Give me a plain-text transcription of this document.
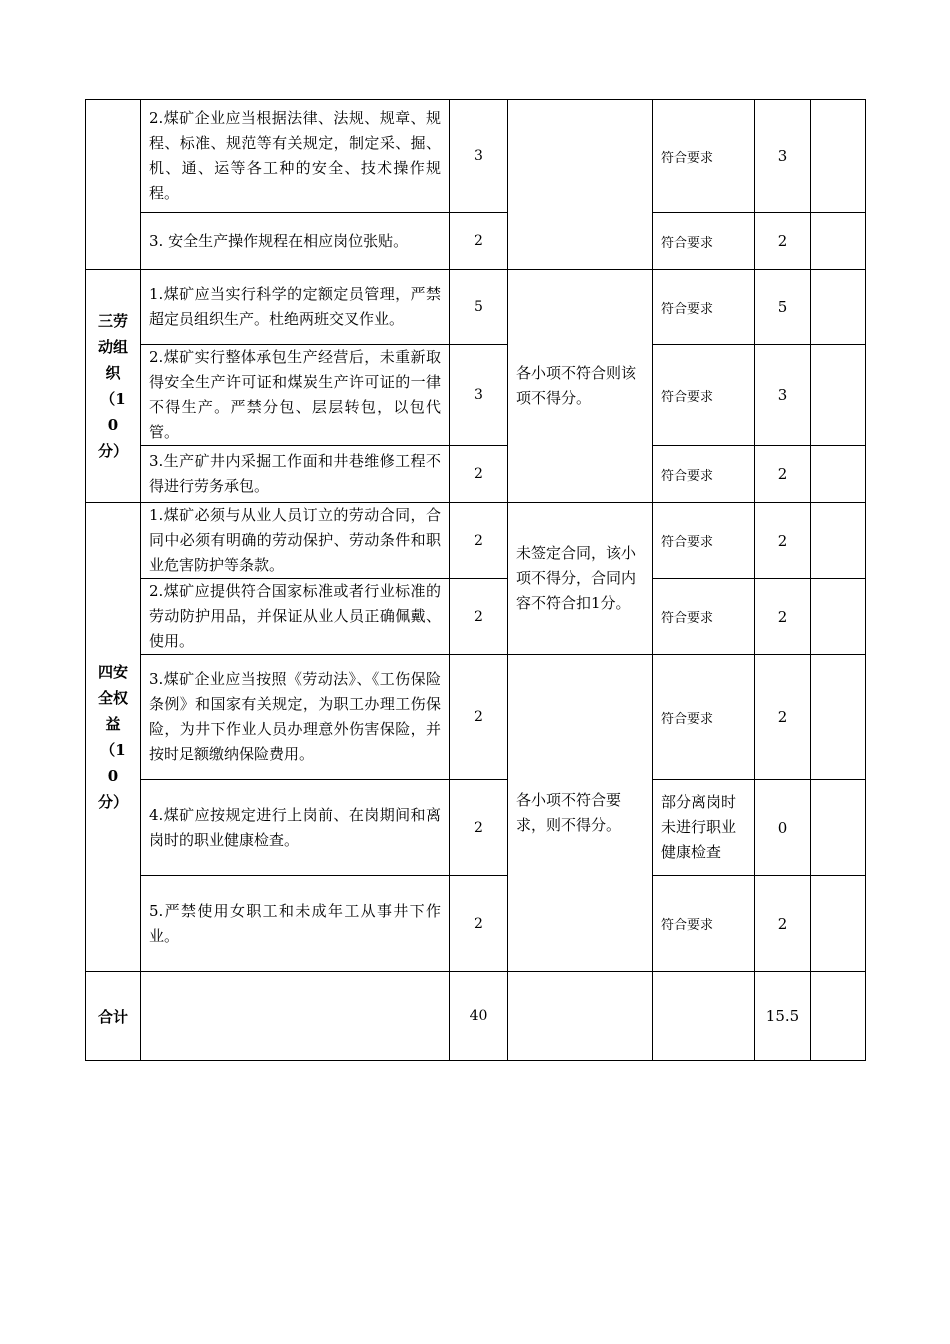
	2.煤矿企业应当根据法律、法规、规章、规程、标准、规范等有关规定，制定采、掘、机、通、运等各工种的安全、技术操作规程。	3		符合要求	3	
	3. 安全生产操作规程在相应岗位张贴。	2		符合要求	2	

三劳动组织（10分）	1.煤矿应当实行科学的定额定员管理，严禁超定员组织生产。杜绝两班交叉作业。	5	各小项不符合则该项不得分。	符合要求	5	
	2.煤矿实行整体承包生产经营后，未重新取得安全生产许可证和煤炭生产许可证的一律不得生产。严禁分包、层层转包，以包代管。	3		符合要求	3	
	3.生产矿井内采掘工作面和井巷维修工程不得进行劳务承包。	2		符合要求	2	

四安全权益（10分）	1.煤矿必须与从业人员订立的劳动合同，合同中必须有明确的劳动保护、劳动条件和职业危害防护等条款。	2	未签定合同，该小项不得分，合同内容不符合扣1分。	符合要求	2	
	2.煤矿应提供符合国家标准或者行业标准的劳动防护用品，并保证从业人员正确佩戴、使用。	2		符合要求	2	
	3.煤矿企业应当按照《劳动法》、《工伤保险条例》和国家有关规定，为职工办理工伤保险，为井下作业人员办理意外伤害保险，并按时足额缴纳保险费用。	2	各小项不符合要求，则不得分。	符合要求	2	
	4.煤矿应按规定进行上岗前、在岗期间和离岗时的职业健康检查。	2		部分离岗时未进行职业健康检查	0	
	5.严禁使用女职工和未成年工从事井下作业。	2		符合要求	2	
合计		40			15.5	
